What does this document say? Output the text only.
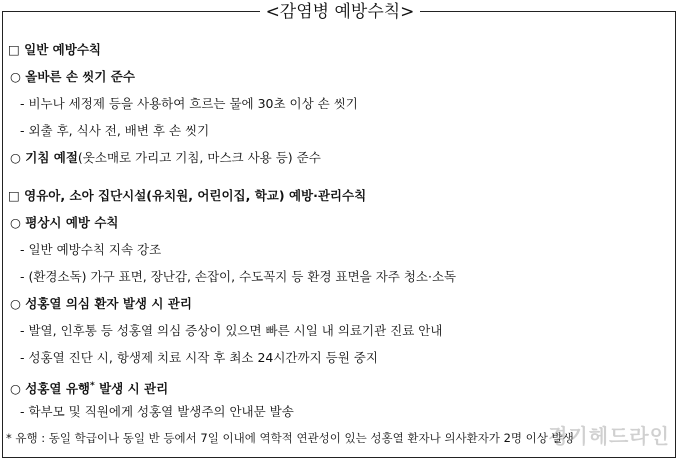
<감염병 예방수칙>
□ 일반 예방수칙
○ 올바른 손 씻기 준수
- 비누나 세정제 등을 사용하여 흐르는 물에 30초 이상 손 씻기
- 외출 후, 식사 전, 배변 후 손 씻기
○ 기침 예절(옷소매로 가리고 기침, 마스크 사용 등) 준수
□ 영유아, 소아 집단시설(유치원, 어린이집, 학교) 예방·관리수칙
○ 평상시 예방 수칙
- 일반 예방수칙 지속 강조
- (환경소독) 가구 표면, 장난감, 손잡이, 수도꼭지 등 환경 표면을 자주 청소·소독
○ 성홍열 의심 환자 발생 시 관리
- 발열, 인후통 등 성홍열 의심 증상이 있으면 빠른 시일 내 의료기관 진료 안내
- 성홍열 진단 시, 항생제 치료 시작 후 최소 24시간까지 등원 중지
○ 성홍열 유행* 발생 시 관리
- 학부모 및 직원에게 성홍열 발생주의 안내문 발송
경기헤드라인
* 유행 : 동일 학급이나 동일 반 등에서 7일 이내에 역학적 연관성이 있는 성홍열 환자나 의사환자가 2명 이상 발생
